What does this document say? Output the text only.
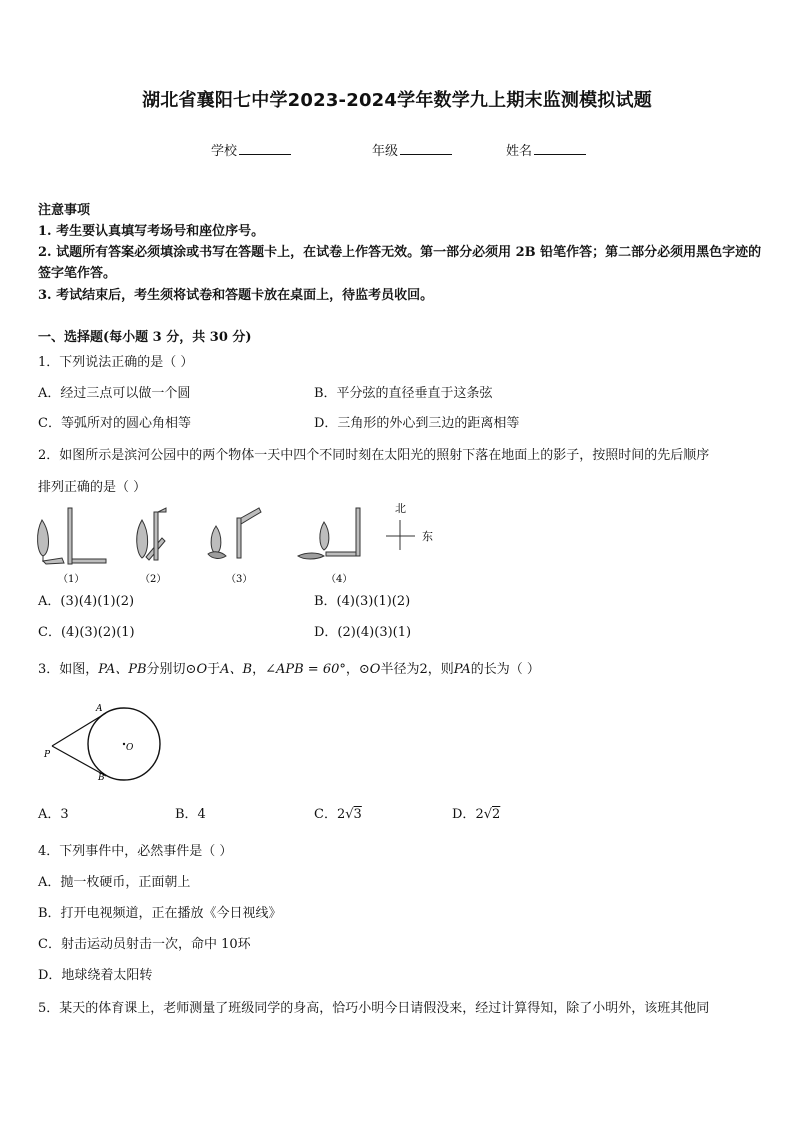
湖北省襄阳七中学2023-2024学年数学九上期末监测模拟试题
学校	年级	姓名
注意事项
1. 考生要认真填写考场号和座位序号。
2. 试题所有答案必须填涂或书写在答题卡上，在试卷上作答无效。第一部分必须用 2B 铅笔作答；第二部分必须用黑色字迹的签字笔作答。
3. 考试结束后，考生须将试卷和答题卡放在桌面上，待监考员收回。
一、选择题(每小题 3 分，共 30 分)
1．下列说法正确的是（ ）
A．经过三点可以做一个圆	B．平分弦的直径垂直于这条弦
C．等弧所对的圆心角相等	D．三角形的外心到三边的距离相等
2．如图所示是滨河公园中的两个物体一天中四个不同时刻在太阳光的照射下落在地面上的影子，按照时间的先后顺序
排列正确的是（ ）
（1）	（2）	（3）	（4）
北
东
A．(3)(4)(1)(2)	B．(4)(3)(1)(2)
C．(4)(3)(2)(1)	D．(2)(4)(3)(1)
3．如图，PA、PB分别切⊙O于A、B，∠APB = 60°，⊙O半径为2，则PA的长为（ ）
A
B
P
O
A．3	B．4	C．2√3	D．2√2
4．下列事件中，必然事件是（ ）
A．抛一枚硬币，正面朝上
B．打开电视频道，正在播放《今日视线》
C．射击运动员射击一次，命中 10环
D．地球绕着太阳转
5．某天的体育课上，老师测量了班级同学的身高，恰巧小明今日请假没来，经过计算得知，除了小明外，该班其他同
